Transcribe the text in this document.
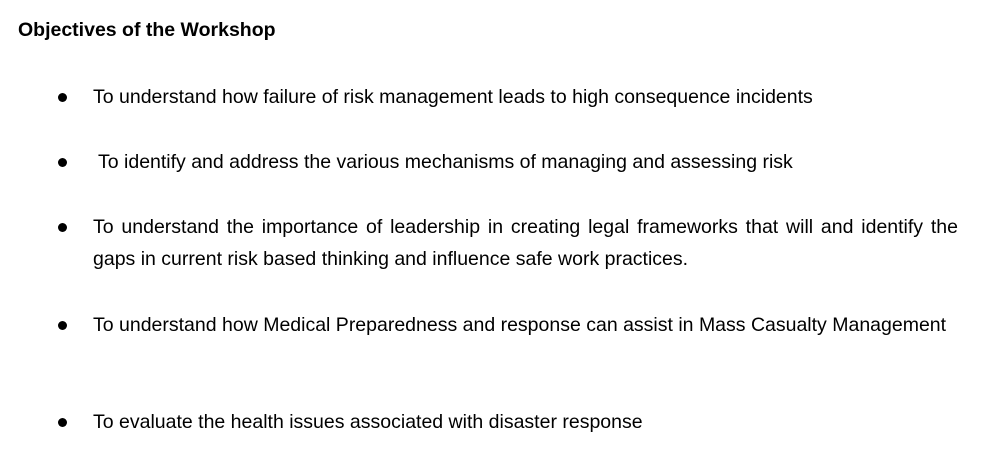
Objectives of the Workshop
To understand how failure of risk management leads to high consequence incidents
To identify and address the various mechanisms of managing and assessing risk
To understand the importance of leadership in creating legal frameworks that will and identify the gaps in current risk based thinking and influence safe work practices.
To understand how Medical Preparedness and response can assist in Mass Casualty Management
To evaluate the health issues associated with disaster response
